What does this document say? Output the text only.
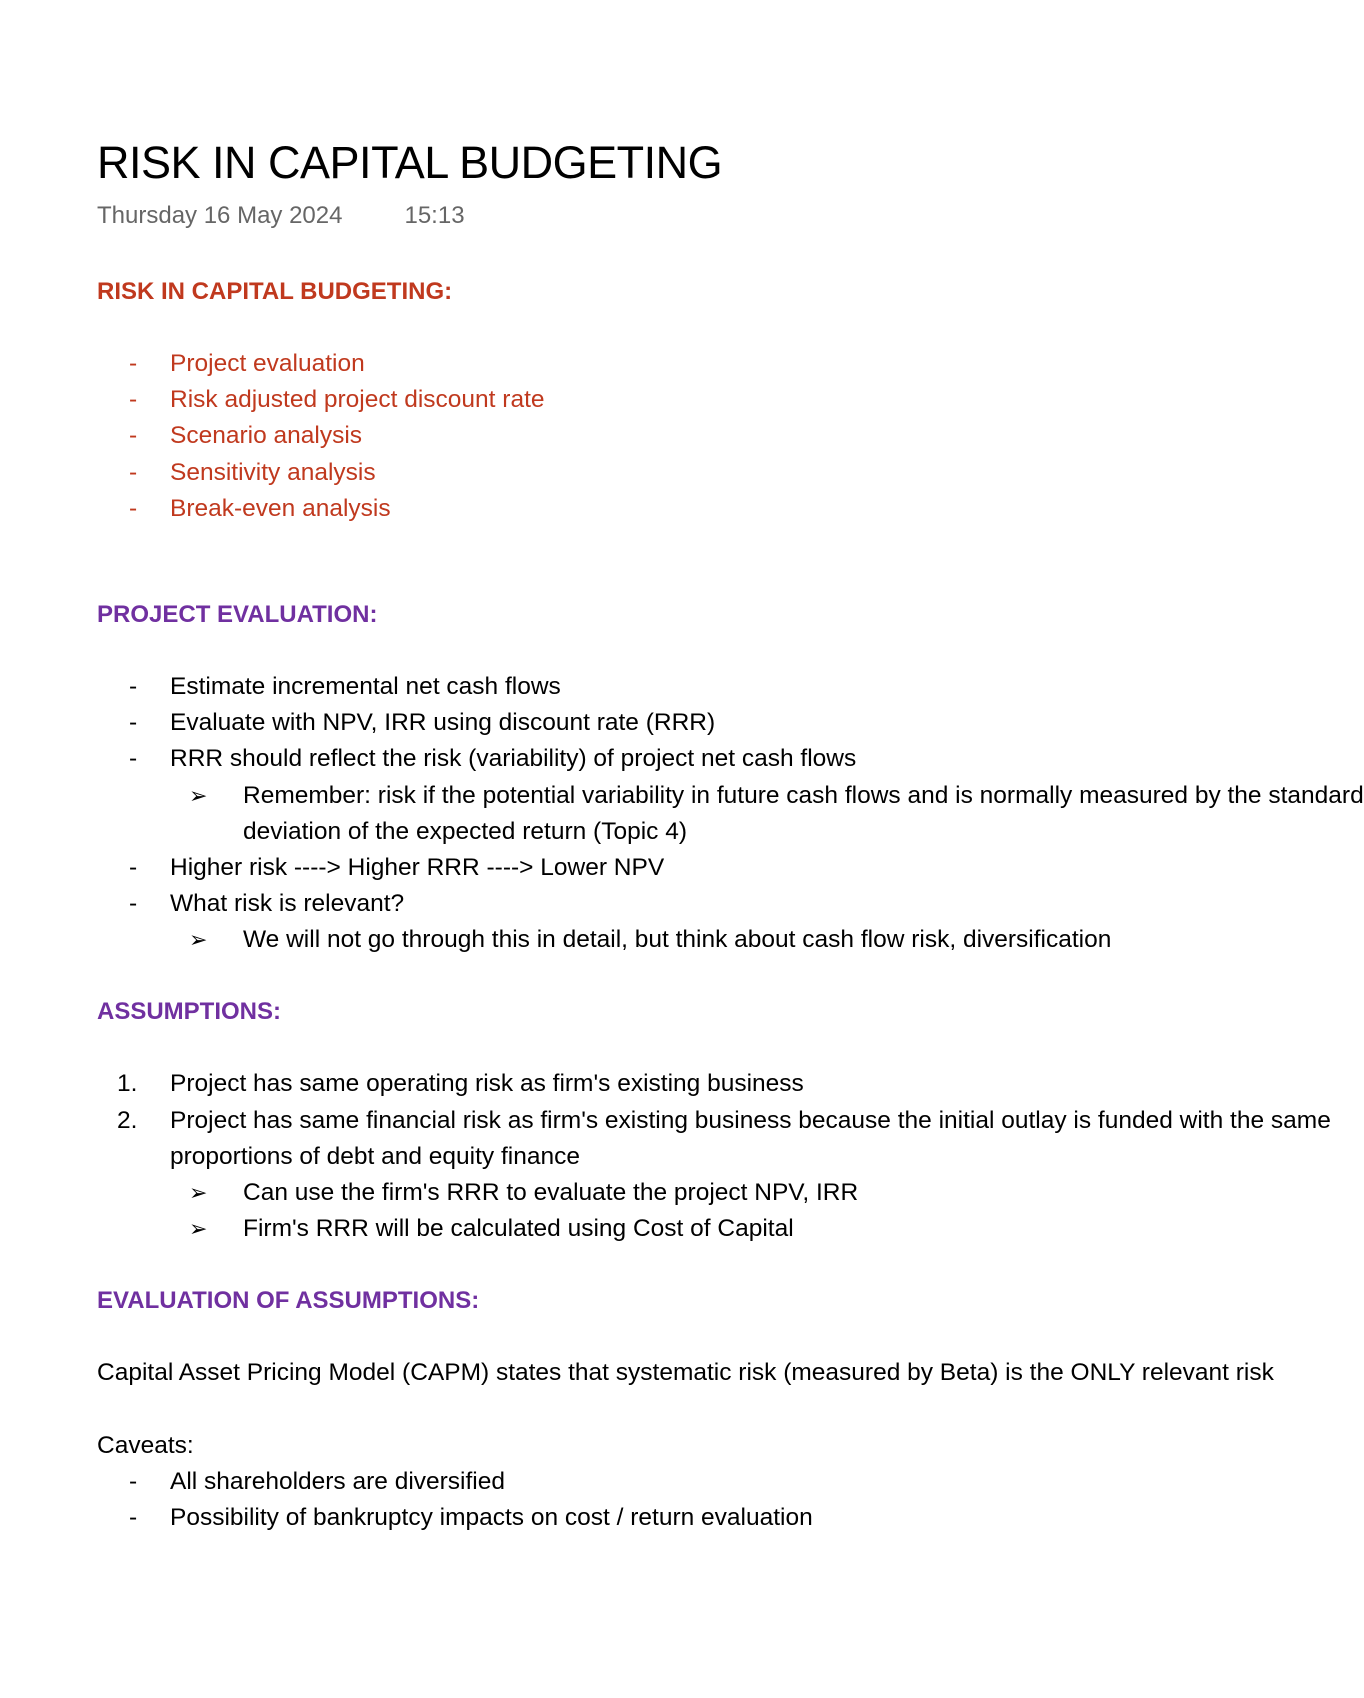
RISK IN CAPITAL BUDGETING
Thursday 16 May 2024	15:13
RISK IN CAPITAL BUDGETING:
- Project evaluation
- Risk adjusted project discount rate
- Scenario analysis
- Sensitivity analysis
- Break-even analysis
PROJECT EVALUATION:
- Estimate incremental net cash flows
- Evaluate with NPV, IRR using discount rate (RRR)
- RRR should reflect the risk (variability) of project net cash flows
➢ Remember: risk if the potential variability in future cash flows and is normally measured by the standard
deviation of the expected return (Topic 4)
- Higher risk ----> Higher RRR ----> Lower NPV
- What risk is relevant?
➢ We will not go through this in detail, but think about cash flow risk, diversification
ASSUMPTIONS:
1. Project has same operating risk as firm's existing business
2. Project has same financial risk as firm's existing business because the initial outlay is funded with the same
proportions of debt and equity finance
➢ Can use the firm's RRR to evaluate the project NPV, IRR
➢ Firm's RRR will be calculated using Cost of Capital
EVALUATION OF ASSUMPTIONS:
Capital Asset Pricing Model (CAPM) states that systematic risk (measured by Beta) is the ONLY relevant risk
Caveats:
- All shareholders are diversified
- Possibility of bankruptcy impacts on cost / return evaluation
